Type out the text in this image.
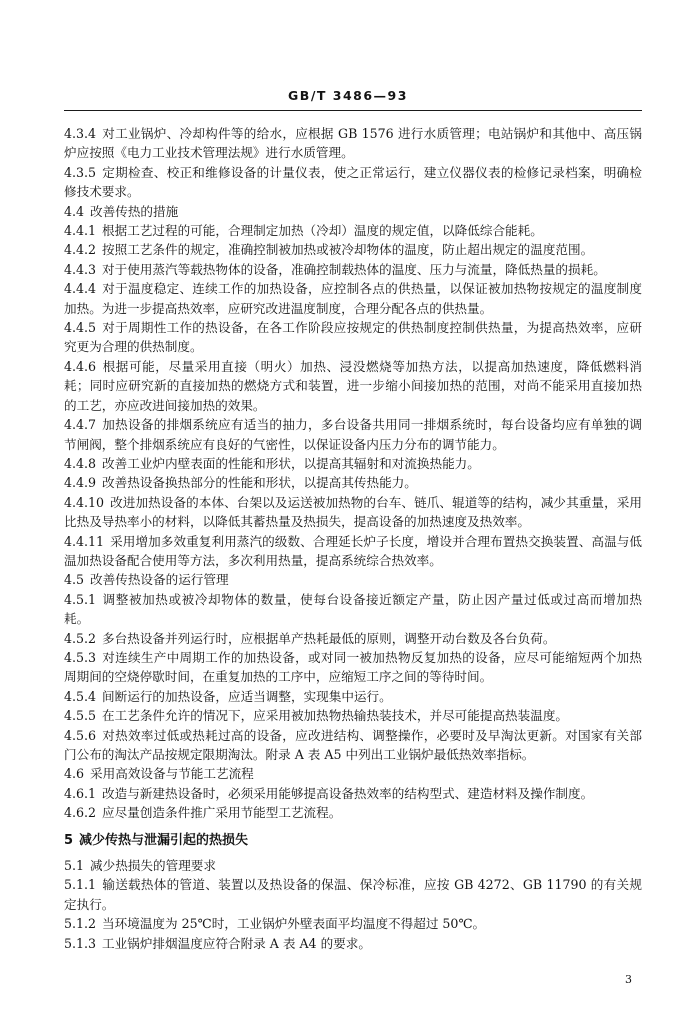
GB/T 3486—93

4.3.4 对工业锅炉、冷却构件等的给水，应根据 GB 1576 进行水质管理；电站锅炉和其他中、高压锅炉应按照《电力工业技术管理法规》进行水质管理。

4.3.5 定期检查、校正和维修设备的计量仪表，使之正常运行，建立仪器仪表的检修记录档案，明确检修技术要求。

4.4 改善传热的措施

4.4.1 根据工艺过程的可能，合理制定加热（冷却）温度的规定值，以降低综合能耗。

4.4.2 按照工艺条件的规定，准确控制被加热或被冷却物体的温度，防止超出规定的温度范围。

4.4.3 对于使用蒸汽等载热物体的设备，准确控制载热体的温度、压力与流量，降低热量的损耗。

4.4.4 对于温度稳定、连续工作的加热设备，应控制各点的供热量，以保证被加热物按规定的温度制度加热。为进一步提高热效率，应研究改进温度制度，合理分配各点的供热量。

4.4.5 对于周期性工作的热设备，在各工作阶段应按规定的供热制度控制供热量，为提高热效率，应研究更为合理的供热制度。

4.4.6 根据可能，尽量采用直接（明火）加热、浸没燃烧等加热方法，以提高加热速度，降低燃料消耗；同时应研究新的直接加热的燃烧方式和装置，进一步缩小间接加热的范围，对尚不能采用直接加热的工艺，亦应改进间接加热的效果。

4.4.7 加热设备的排烟系统应有适当的抽力，多台设备共用同一排烟系统时，每台设备均应有单独的调节闸阀，整个排烟系统应有良好的气密性，以保证设备内压力分布的调节能力。

4.4.8 改善工业炉内壁表面的性能和形状，以提高其辐射和对流换热能力。

4.4.9 改善热设备换热部分的性能和形状，以提高其传热能力。

4.4.10 改进加热设备的本体、台架以及运送被加热物的台车、链爪、辊道等的结构，减少其重量，采用比热及导热率小的材料，以降低其蓄热量及热损失，提高设备的加热速度及热效率。

4.4.11 采用增加多效重复利用蒸汽的级数、合理延长炉子长度，增设并合理布置热交换装置、高温与低温加热设备配合使用等方法，多次利用热量，提高系统综合热效率。

4.5 改善传热设备的运行管理

4.5.1 调整被加热或被冷却物体的数量，使每台设备接近额定产量，防止因产量过低或过高而增加热耗。

4.5.2 多台热设备并列运行时，应根据单产热耗最低的原则，调整开动台数及各台负荷。

4.5.3 对连续生产中周期工作的加热设备，或对同一被加热物反复加热的设备，应尽可能缩短两个加热周期间的空烧停歇时间，在重复加热的工序中，应缩短工序之间的等待时间。

4.5.4 间断运行的加热设备，应适当调整，实现集中运行。

4.5.5 在工艺条件允许的情况下，应采用被加热物热输热装技术，并尽可能提高热装温度。

4.5.6 对热效率过低或热耗过高的设备，应改进结构、调整操作，必要时及早淘汰更新。对国家有关部门公布的淘汰产品按规定限期淘汰。附录 A 表 A5 中列出工业锅炉最低热效率指标。

4.6 采用高效设备与节能工艺流程

4.6.1 改造与新建热设备时，必须采用能够提高设备热效率的结构型式、建造材料及操作制度。

4.6.2 应尽量创造条件推广采用节能型工艺流程。

5 减少传热与泄漏引起的热损失

5.1 减少热损失的管理要求

5.1.1 输送载热体的管道、装置以及热设备的保温、保冷标准，应按 GB 4272、GB 11790 的有关规定执行。

5.1.2 当环境温度为 25℃时，工业锅炉外壁表面平均温度不得超过 50℃。

5.1.3 工业锅炉排烟温度应符合附录 A 表 A4 的要求。

3
